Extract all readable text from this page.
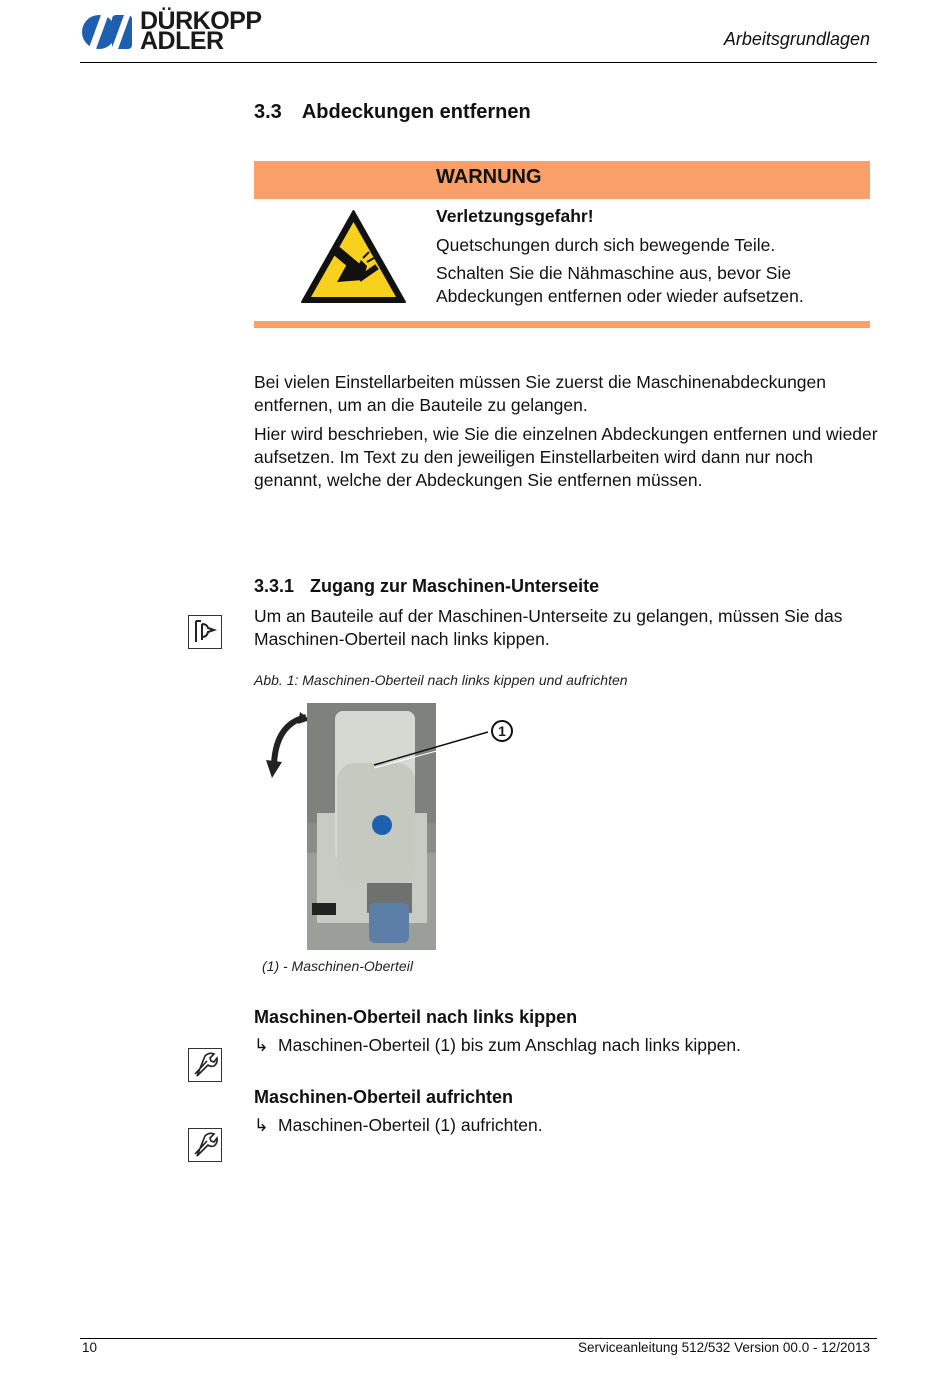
DÜRKOPP
ADLER	Arbeitsgrundlagen
3.3 Abdeckungen entfernen
WARNUNG
Verletzungsgefahr!
Quetschungen durch sich bewegende Teile.
Schalten Sie die Nähmaschine aus, bevor Sie
Abdeckungen entfernen oder wieder aufsetzen.
Bei vielen Einstellarbeiten müssen Sie zuerst die Maschinenabdeckungen entfernen, um an die Bauteile zu gelangen.
Hier wird beschrieben, wie Sie die einzelnen Abdeckungen entfernen und wieder aufsetzen. Im Text zu den jeweiligen Einstellarbeiten wird dann nur noch genannt, welche der Abdeckungen Sie entfernen müssen.
3.3.1 Zugang zur Maschinen-Unterseite
Um an Bauteile auf der Maschinen-Unterseite zu gelangen, müssen Sie das Maschinen-Oberteil nach links kippen.
Abb. 1: Maschinen-Oberteil nach links kippen und aufrichten
1
(1) - Maschinen-Oberteil
Maschinen-Oberteil nach links kippen
↳ Maschinen-Oberteil (1) bis zum Anschlag nach links kippen.
Maschinen-Oberteil aufrichten
↳ Maschinen-Oberteil (1) aufrichten.
10	Serviceanleitung 512/532 Version 00.0 - 12/2013
